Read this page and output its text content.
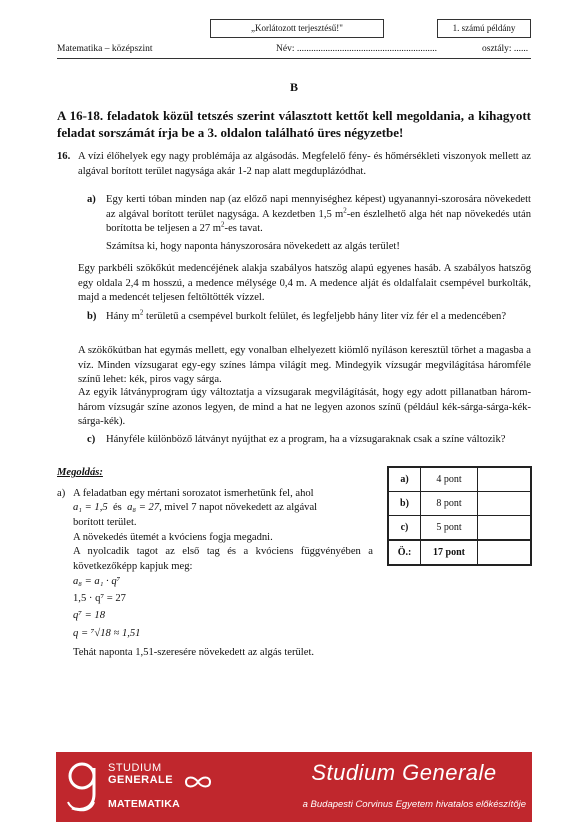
„Korlátozott terjesztésű!"	1. számú példány
Matematika – középszint	Név: ...........................................................	osztály: ......
B
A 16-18. feladatok közül tetszés szerint választott kettőt kell megoldania, a kihagyott feladat sorszámát írja be a 3. oldalon található üres négyzetbe!
16. A vízi élőhelyek egy nagy problémája az algásodás. Megfelelő fény- és hőmérsékleti viszonyok mellett az algával borított terület nagysága akár 1-2 nap alatt megduplázódhat.
a) Egy kerti tóban minden nap (az előző napi mennyiséghez képest) ugyanannyi-szorosára növekedett az algával borított terület nagysága. A kezdetben 1,5 $m^2-en$ észlelhető alga hét nap növekedés után borította be teljesen a 27 $m^2-es$ tavat.
Számítsa ki, hogy naponta hányszorosára növekedett az algás terület!
Egy parkbéli szökőkút medencéjének alakja szabályos hatszög alapú egyenes hasáb. A szabályos hatszög egy oldala 2,4 m hosszú, a medence mélysége 0,4 m. A medence alját és oldalfalait csempével burkolták, majd a medencét teljesen feltöltötték vízzel.
b) Hány $m^2$ területű a csempével burkolt felület, és legfeljebb hány liter víz fér el a medencében?
A szökőkútban hat egymás mellett, egy vonalban elhelyezett kiömlő nyíláson keresztül törhet a magasba a víz. Minden vízsugarat egy-egy színes lámpa világít meg. Mindegyik vízsugár megvilágítása háromféle színű lehet: kék, piros vagy sárga.
Az egyik látványprogram úgy változtatja a vízsugarak megvilágítását, hogy egy adott pillanatban három-három vízsugár színe azonos legyen, de mind a hat ne legyen azonos színű (például kék-sárga-sárga-kék-sárga-kék).
c) Hányféle különböző látványt nyújthat ez a program, ha a vízsugaraknak csak a színe változik?
Megoldás:
a) A feladatban egy mértani sorozatot ismerhetünk fel, ahol
a₁ = 1,5 és a₈ = 27, mivel 7 napot növekedett az algával
borított terület.
A növekedés ütemét a kvóciens fogja megadni.
A nyolcadik tagot az első tag és a kvóciens függvényében a következőképp kapjuk meg:
a₈ = a₁ · q⁷
1,5 · q⁷ = 27
q⁷ = 18
q = ⁷√18 ≈ 1,51
Tehát naponta 1,51-szeresére növekedett az algás terület.
a)	4 pont	
b)	8 pont	
c)	5 pont	
Ö.:	17 pont	
STUDIUM
GENERALE
MATEMATIKA
Studium Generale
a Budapesti Corvinus Egyetem hivatalos előkészítője
